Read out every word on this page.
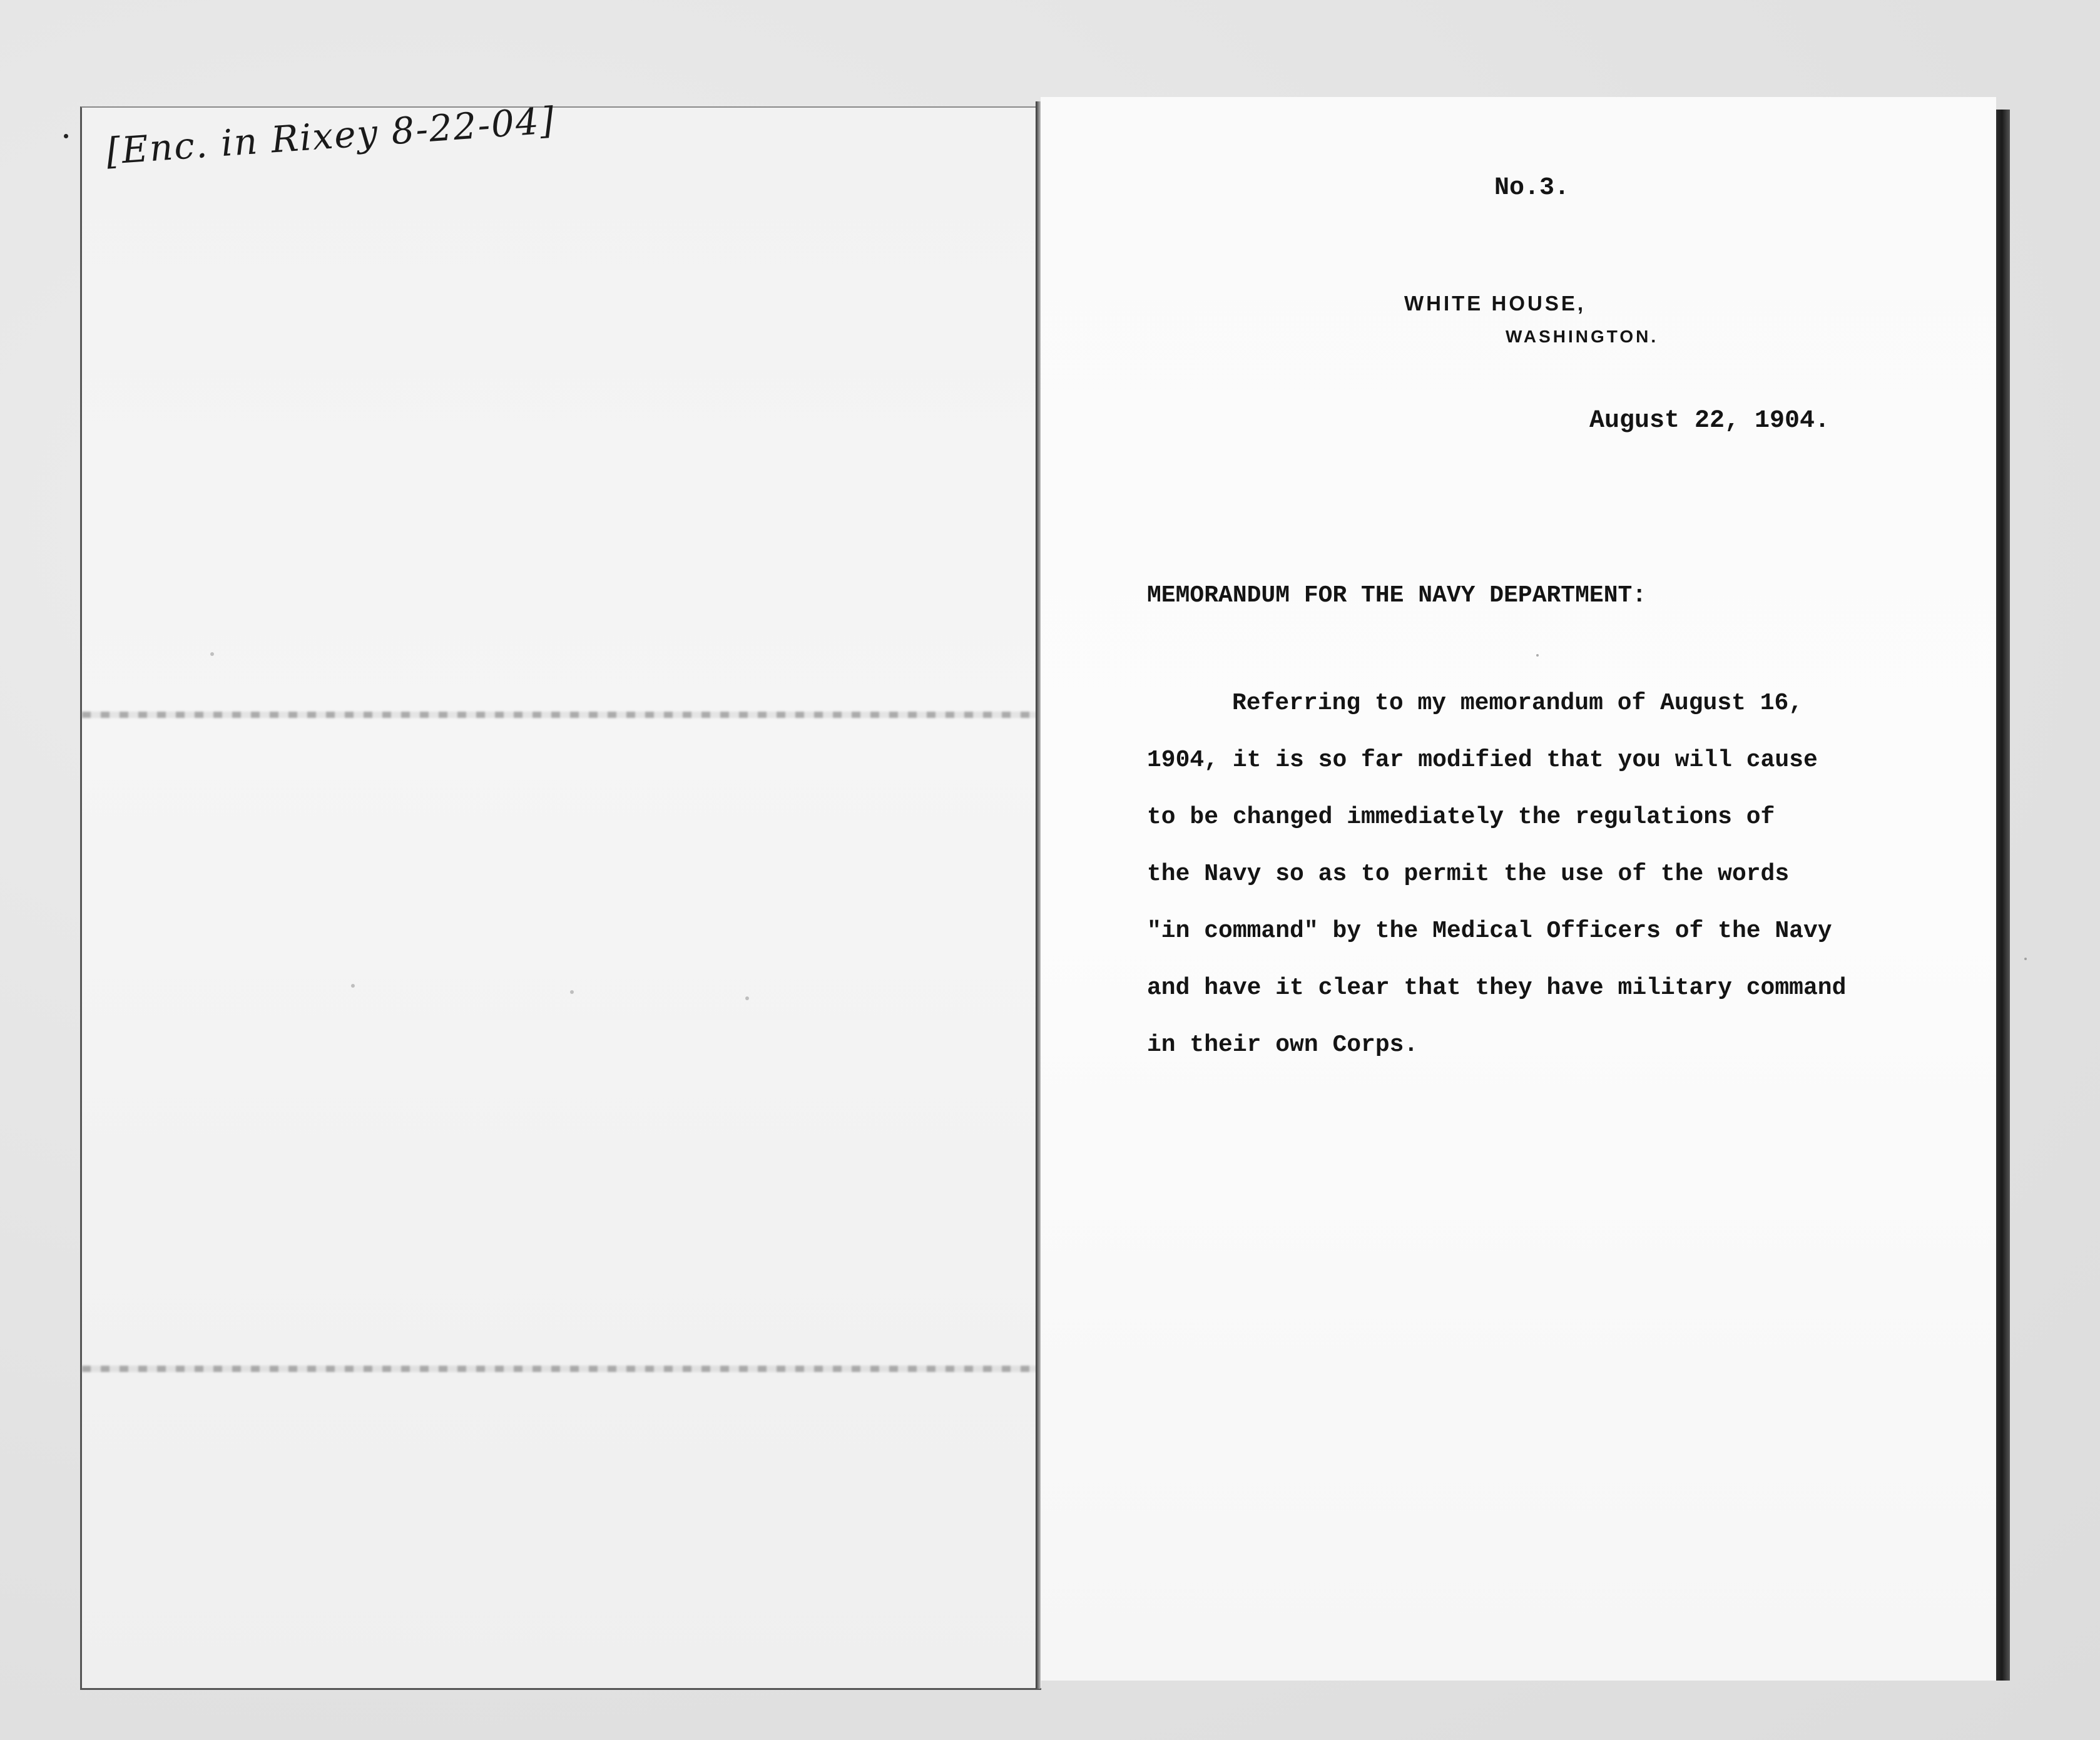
[Enc. in Rixey 8-22-04]
No.3.
WHITE HOUSE,
WASHINGTON.
August 22, 1904.
MEMORANDUM FOR THE NAVY DEPARTMENT:
Referring to my memorandum of August 16,
1904, it is so far modified that you will cause
to be changed immediately the regulations of
the Navy so as to permit the use of the words
"in command" by the Medical Officers of the Navy
and have it clear that they have military command
in their own Corps.
